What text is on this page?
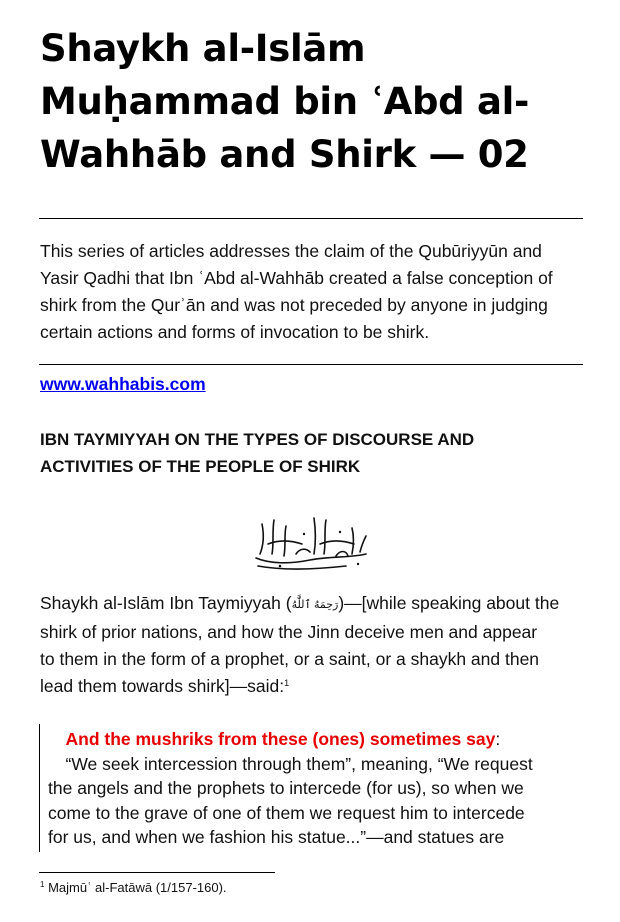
Shaykh al-Islām
Muḥammad bin ʿAbd al-
Wahhāb and Shirk — 02
This series of articles addresses the claim of the Qubūriyyūn and
Yasir Qadhi that Ibn ʿAbd al-Wahhāb created a false conception of
shirk from the Qurʾān and was not preceded by anyone in judging
certain actions and forms of invocation to be shirk.
www.wahhabis.com
IBN TAYMIYYAH ON THE TYPES OF DISCOURSE AND
ACTIVITIES OF THE PEOPLE OF SHIRK
Shaykh al-Islām Ibn Taymiyyah (رَحِمَهُ ٱللَّٰهُ)—[while speaking about the
shirk of prior nations, and how the Jinn deceive men and appear
to them in the form of a prophet, or a saint, or a shaykh and then
lead them towards shirk]—said:$^1$
 And the mushriks from these (ones) sometimes say:
 “We seek intercession through them”, meaning, “We request
the angels and the prophets to intercede (for us), so when we
come to the grave of one of them we request him to intercede
for us, and when we fashion his statue...”—and statues are
$^1$ Majmūʿ al-Fatāwā (1/157-160).
